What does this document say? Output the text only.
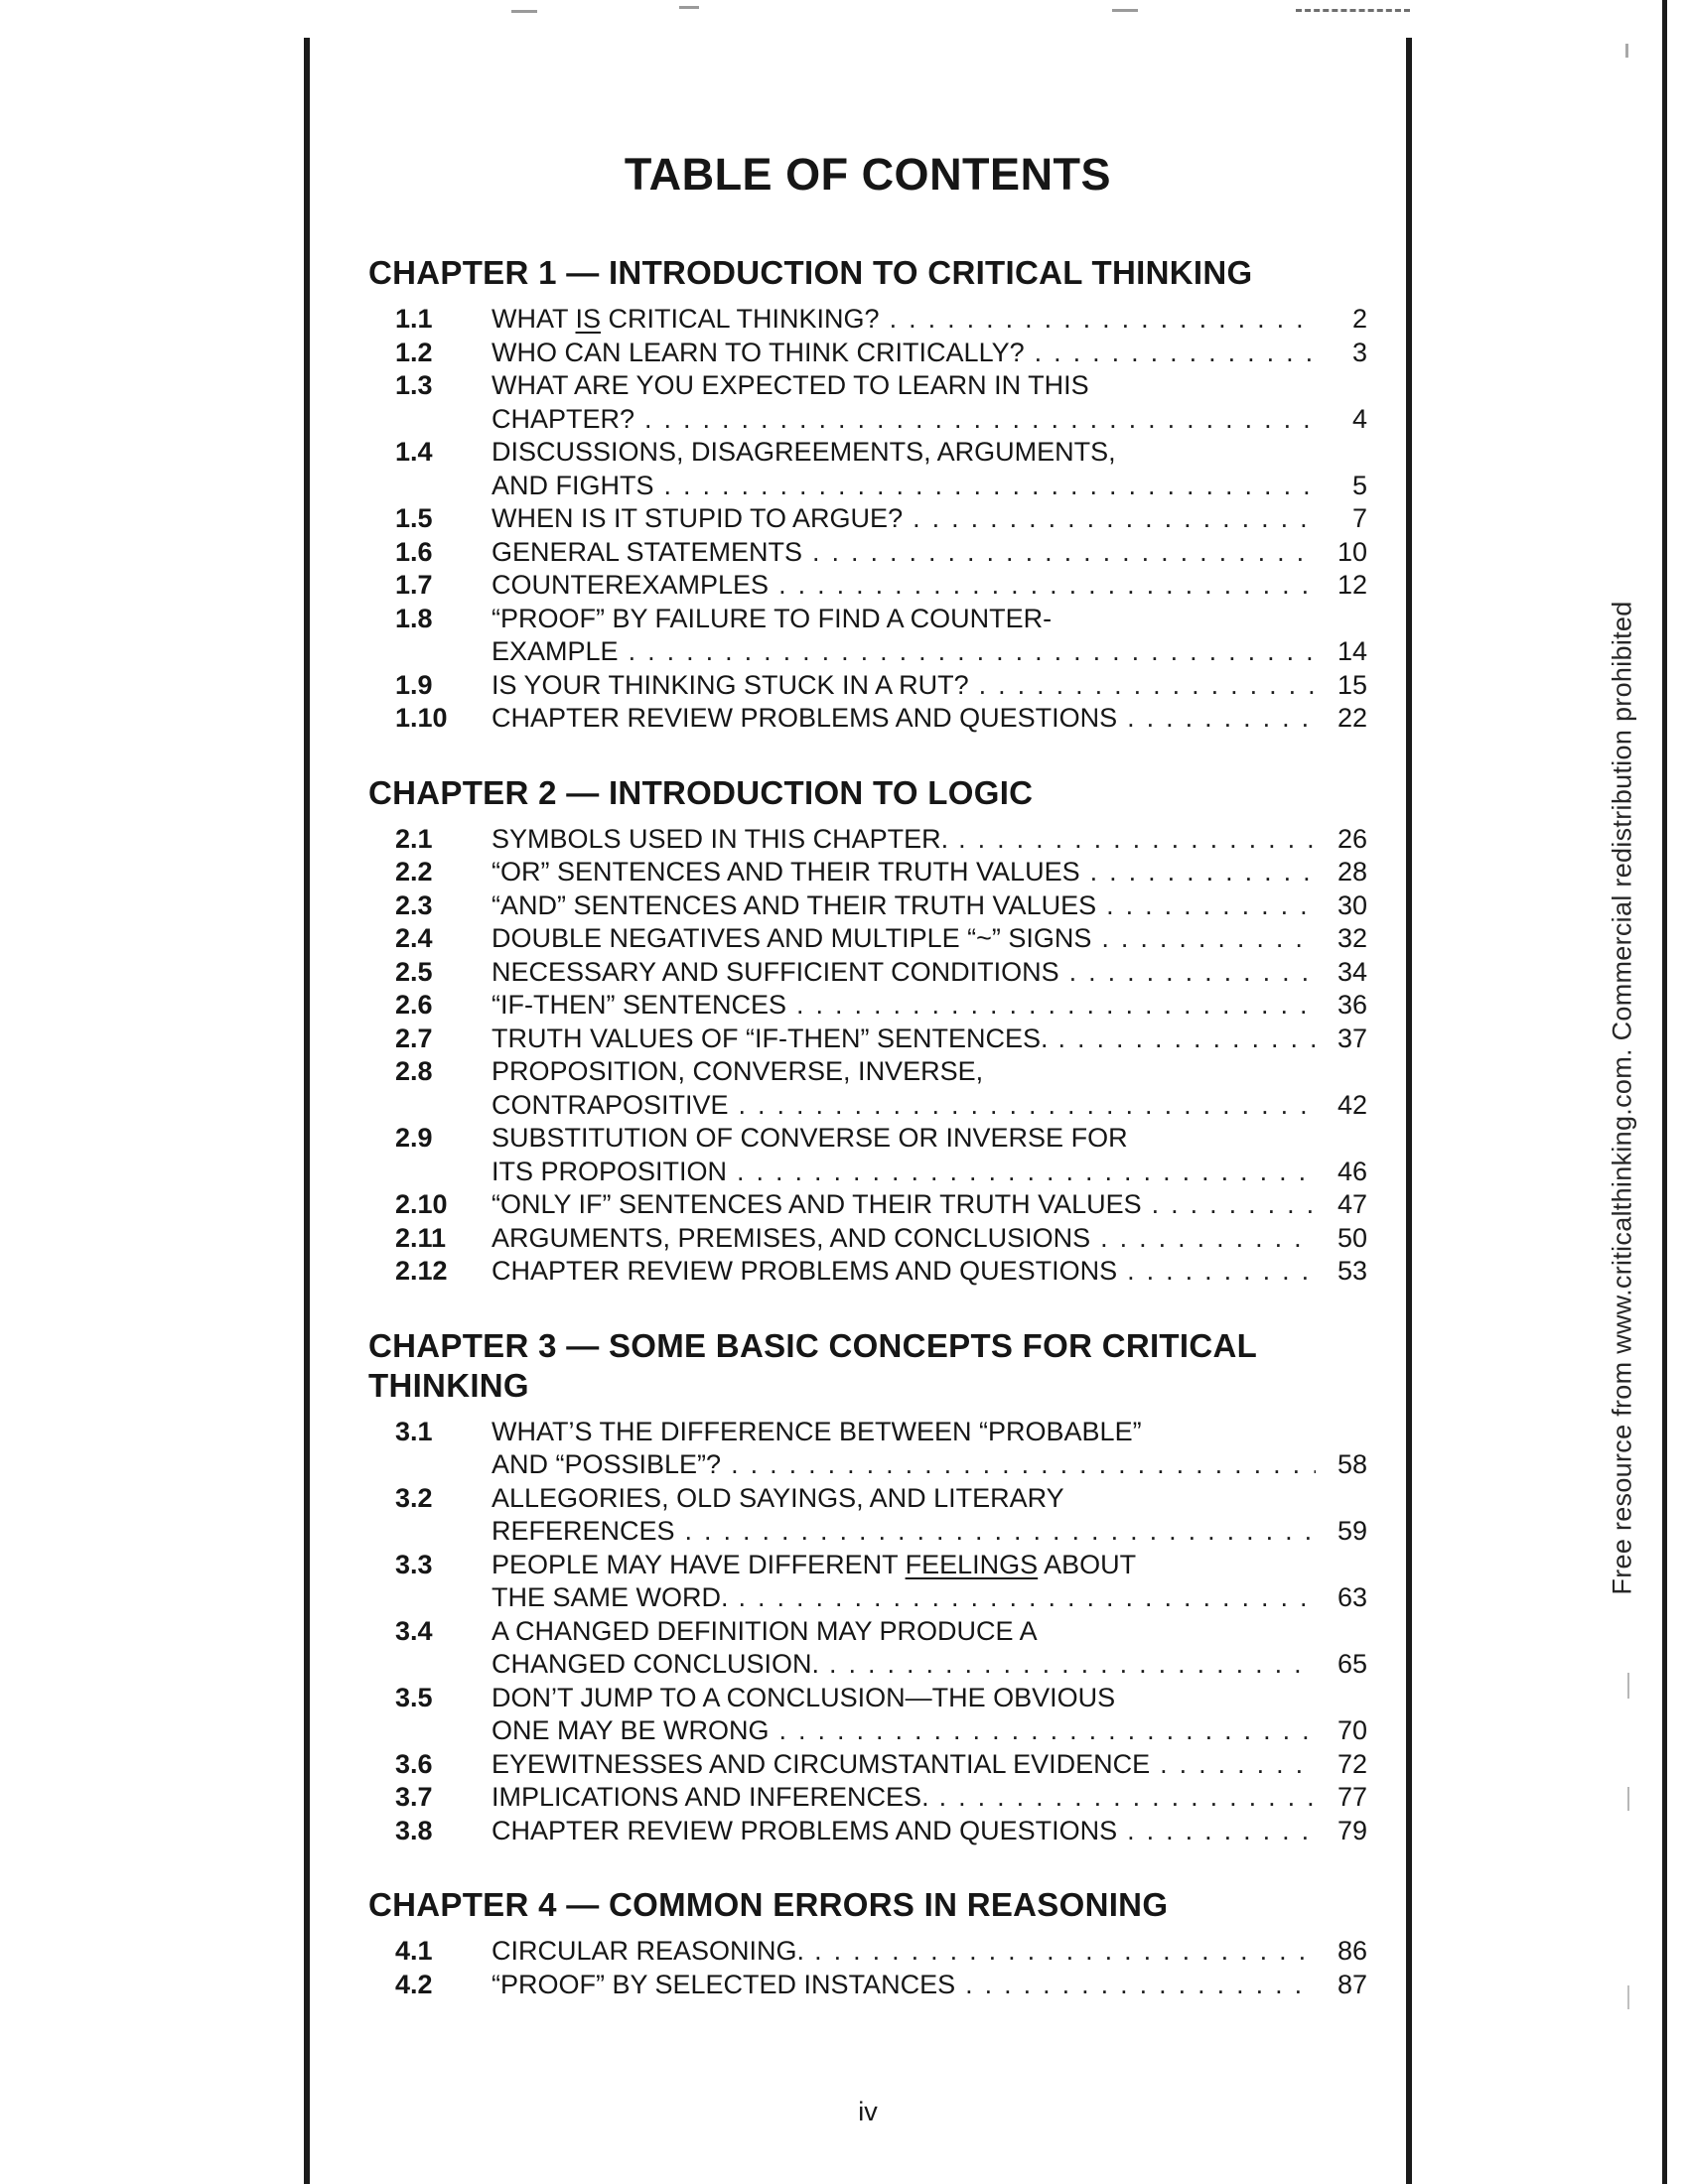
TABLE OF CONTENTS
CHAPTER 1 — INTRODUCTION TO CRITICAL THINKING
1.1	WHAT IS CRITICAL THINKING? .....	2
1.2	WHO CAN LEARN TO THINK CRITICALLY? .....	3
1.3	WHAT ARE YOU EXPECTED TO LEARN IN THIS
CHAPTER? .....	4
1.4	DISCUSSIONS, DISAGREEMENTS, ARGUMENTS,
AND FIGHTS .....	5
1.5	WHEN IS IT STUPID TO ARGUE? .....	7
1.6	GENERAL STATEMENTS .....	10
1.7	COUNTEREXAMPLES .....	12
1.8	“PROOF” BY FAILURE TO FIND A COUNTER-
EXAMPLE .....	14
1.9	IS YOUR THINKING STUCK IN A RUT? .....	15
1.10	CHAPTER REVIEW PROBLEMS AND QUESTIONS .....	22
CHAPTER 2 — INTRODUCTION TO LOGIC
2.1	SYMBOLS USED IN THIS CHAPTER. .....	26
2.2	“OR” SENTENCES AND THEIR TRUTH VALUES .....	28
2.3	“AND” SENTENCES AND THEIR TRUTH VALUES .....	30
2.4	DOUBLE NEGATIVES AND MULTIPLE “~” SIGNS .....	32
2.5	NECESSARY AND SUFFICIENT CONDITIONS .....	34
2.6	“IF-THEN” SENTENCES .....	36
2.7	TRUTH VALUES OF “IF-THEN” SENTENCES. .....	37
2.8	PROPOSITION, CONVERSE, INVERSE,
CONTRAPOSITIVE .....	42
2.9	SUBSTITUTION OF CONVERSE OR INVERSE FOR
ITS PROPOSITION .....	46
2.10	“ONLY IF” SENTENCES AND THEIR TRUTH VALUES .....	47
2.11	ARGUMENTS, PREMISES, AND CONCLUSIONS .....	50
2.12	CHAPTER REVIEW PROBLEMS AND QUESTIONS .....	53
CHAPTER 3 — SOME BASIC CONCEPTS FOR CRITICAL
THINKING
3.1	WHAT’S THE DIFFERENCE BETWEEN “PROBABLE”
AND “POSSIBLE”? .....	58
3.2	ALLEGORIES, OLD SAYINGS, AND LITERARY
REFERENCES .....	59
3.3	PEOPLE MAY HAVE DIFFERENT FEELINGS ABOUT
THE SAME WORD. .....	63
3.4	A CHANGED DEFINITION MAY PRODUCE A
CHANGED CONCLUSION. .....	65
3.5	DON’T JUMP TO A CONCLUSION—THE OBVIOUS
ONE MAY BE WRONG .....	70
3.6	EYEWITNESSES AND CIRCUMSTANTIAL EVIDENCE .....	72
3.7	IMPLICATIONS AND INFERENCES. .....	77
3.8	CHAPTER REVIEW PROBLEMS AND QUESTIONS .....	79
CHAPTER 4 — COMMON ERRORS IN REASONING
4.1	CIRCULAR REASONING. .....	86
4.2	“PROOF” BY SELECTED INSTANCES .....	87
iv
Free resource from www.criticalthinking.com. Commercial redistribution prohibited
